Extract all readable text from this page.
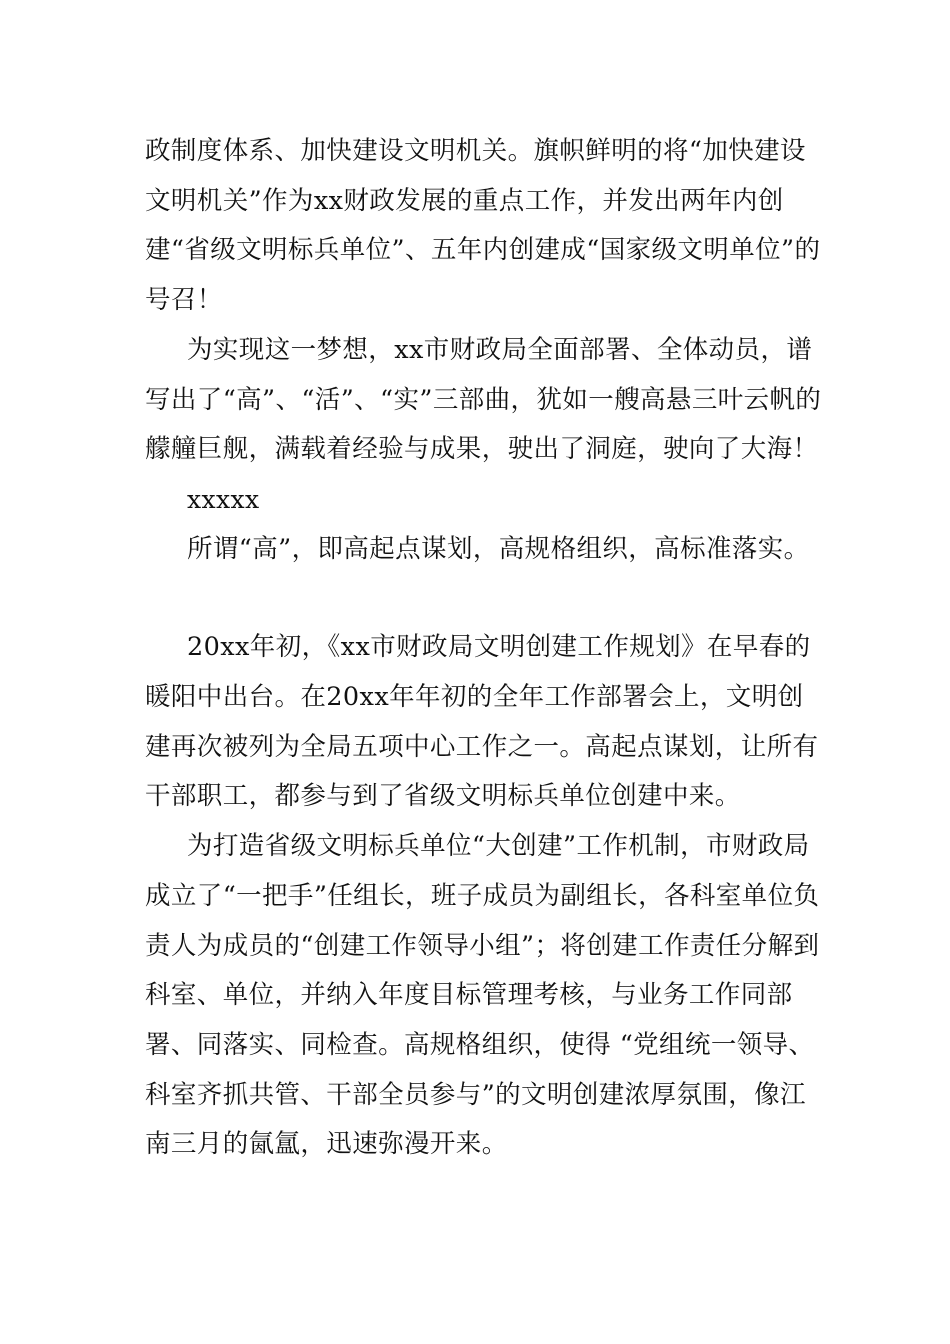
政制度体系、加快建设文明机关。旗帜鲜明的将“加快建设文明机关”作为xx财政发展的重点工作，并发出两年内创建“省级文明标兵单位”、五年内创建成“国家级文明单位”的号召！

为实现这一梦想，xx市财政局全面部署、全体动员，谱写出了“高”、“活”、“实”三部曲，犹如一艘高悬三叶云帆的艨艟巨舰，满载着经验与成果，驶出了洞庭，驶向了大海！

xxxxx

所谓“高”，即高起点谋划，高规格组织，高标准落实。

20xx年初，《xx市财政局文明创建工作规划》在早春的暖阳中出台。在20xx年年初的全年工作部署会上，文明创建再次被列为全局五项中心工作之一。高起点谋划，让所有干部职工，都参与到了省级文明标兵单位创建中来。

为打造省级文明标兵单位“大创建”工作机制，市财政局成立了“一把手”任组长，班子成员为副组长，各科室单位负责人为成员的“创建工作领导小组”；将创建工作责任分解到科室、单位，并纳入年度目标管理考核，与业务工作同部署、同落实、同检查。高规格组织，使得 “党组统一领导、科室齐抓共管、干部全员参与”的文明创建浓厚氛围，像江南三月的氤氲，迅速弥漫开来。
